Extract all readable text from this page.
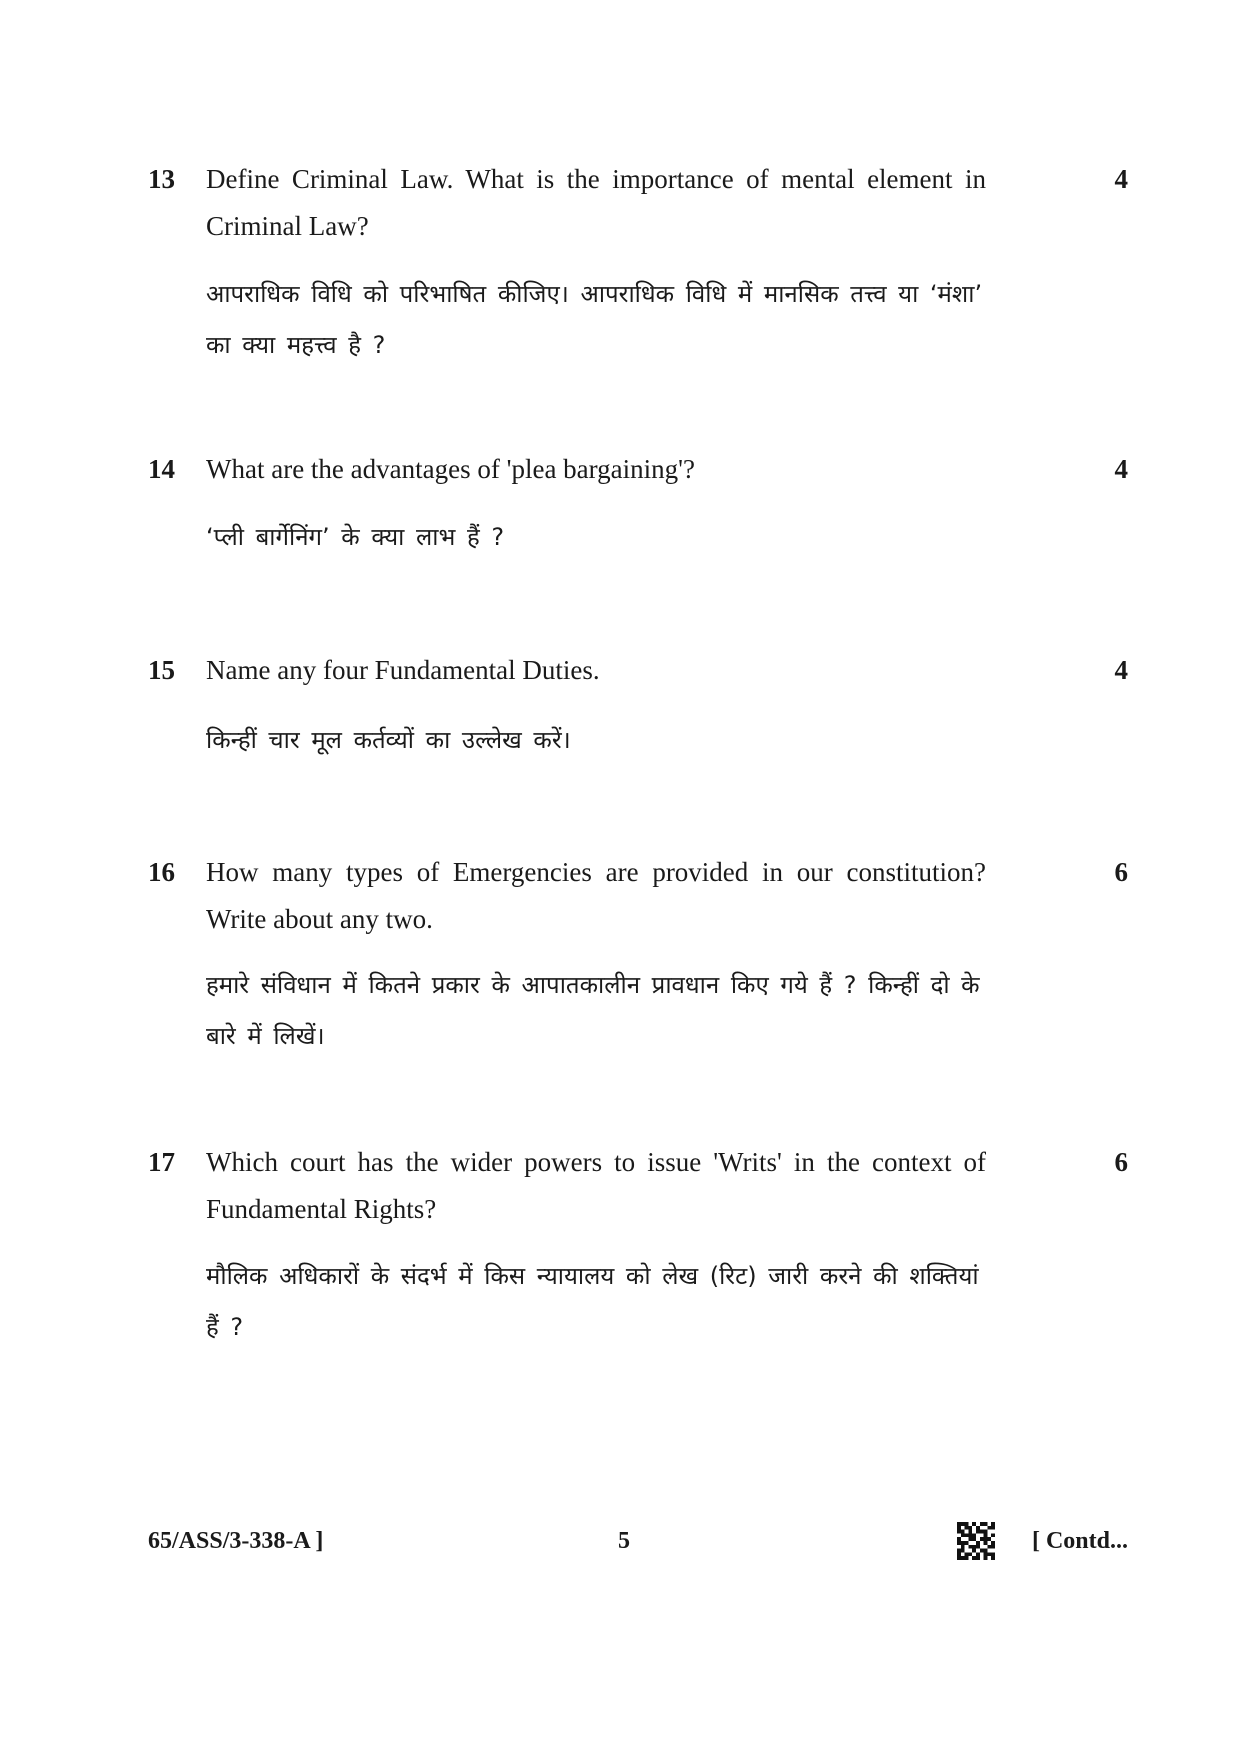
13 Define Criminal Law. What is the importance of mental element in Criminal Law?
आपराधिक विधि को परिभाषित कीजिए। आपराधिक विधि में मानसिक तत्त्व या ‘मंशा’ का क्या महत्त्व है ?
4
14 What are the advantages of 'plea bargaining'?
‘प्ली बार्गेनिंग’ के क्या लाभ हैं ?
4
15 Name any four Fundamental Duties.
किन्हीं चार मूल कर्तव्यों का उल्लेख करें।
4
16 How many types of Emergencies are provided in our constitution? Write about any two.
हमारे संविधान में कितने प्रकार के आपातकालीन प्रावधान किए गये हैं ? किन्हीं दो के बारे में लिखें।
6
17 Which court has the wider powers to issue 'Writs' in the context of Fundamental Rights?
मौलिक अधिकारों के संदर्भ में किस न्यायालय को लेख (रिट) जारी करने की शक्तियां हैं ?
6
65/ASS/3-338-A ]	5	[ Contd...
